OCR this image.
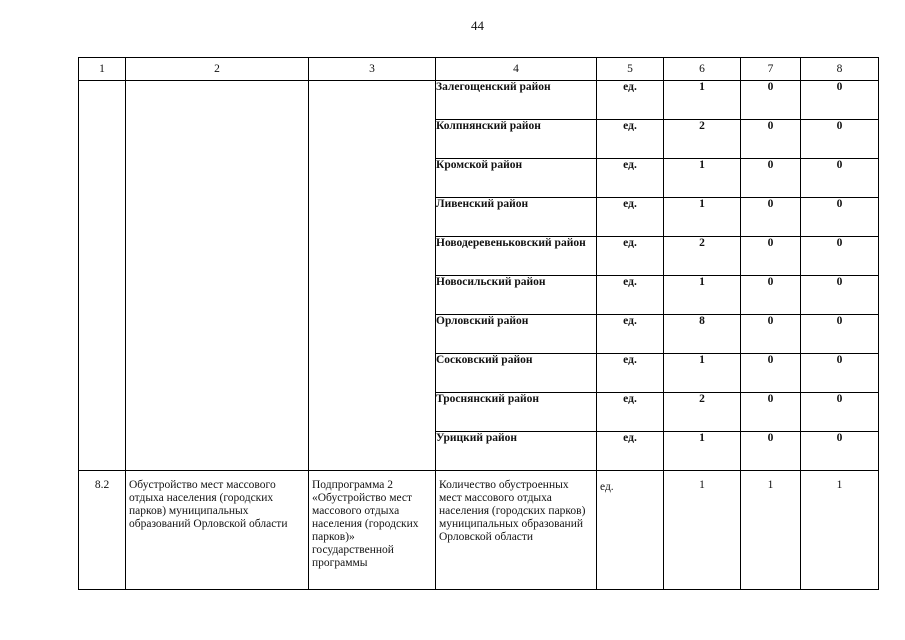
44
1	2	3	4	5	6	7	8
			Залегощенский район	ед.	1	0	0
			Колпнянский район	ед.	2	0	0
			Кромской район	ед.	1	0	0
			Ливенский район	ед.	1	0	0
			Новодеревеньковский район	ед.	2	0	0
			Новосильский район	ед.	1	0	0
			Орловский район	ед.	8	0	0
			Сосковский район	ед.	1	0	0
			Троснянский район	ед.	2	0	0
			Урицкий район	ед.	1	0	0
8.2	Обустройство мест массового отдыха населения (городских парков) муниципальных образований Орловской области	Подпрограмма 2 «Обустройство мест массового отдыха населения (городских парков)» государственной программы	Количество обустроенных мест массового отдыха населения (городских парков) муниципальных образований Орловской области	ед.	1	1	1
